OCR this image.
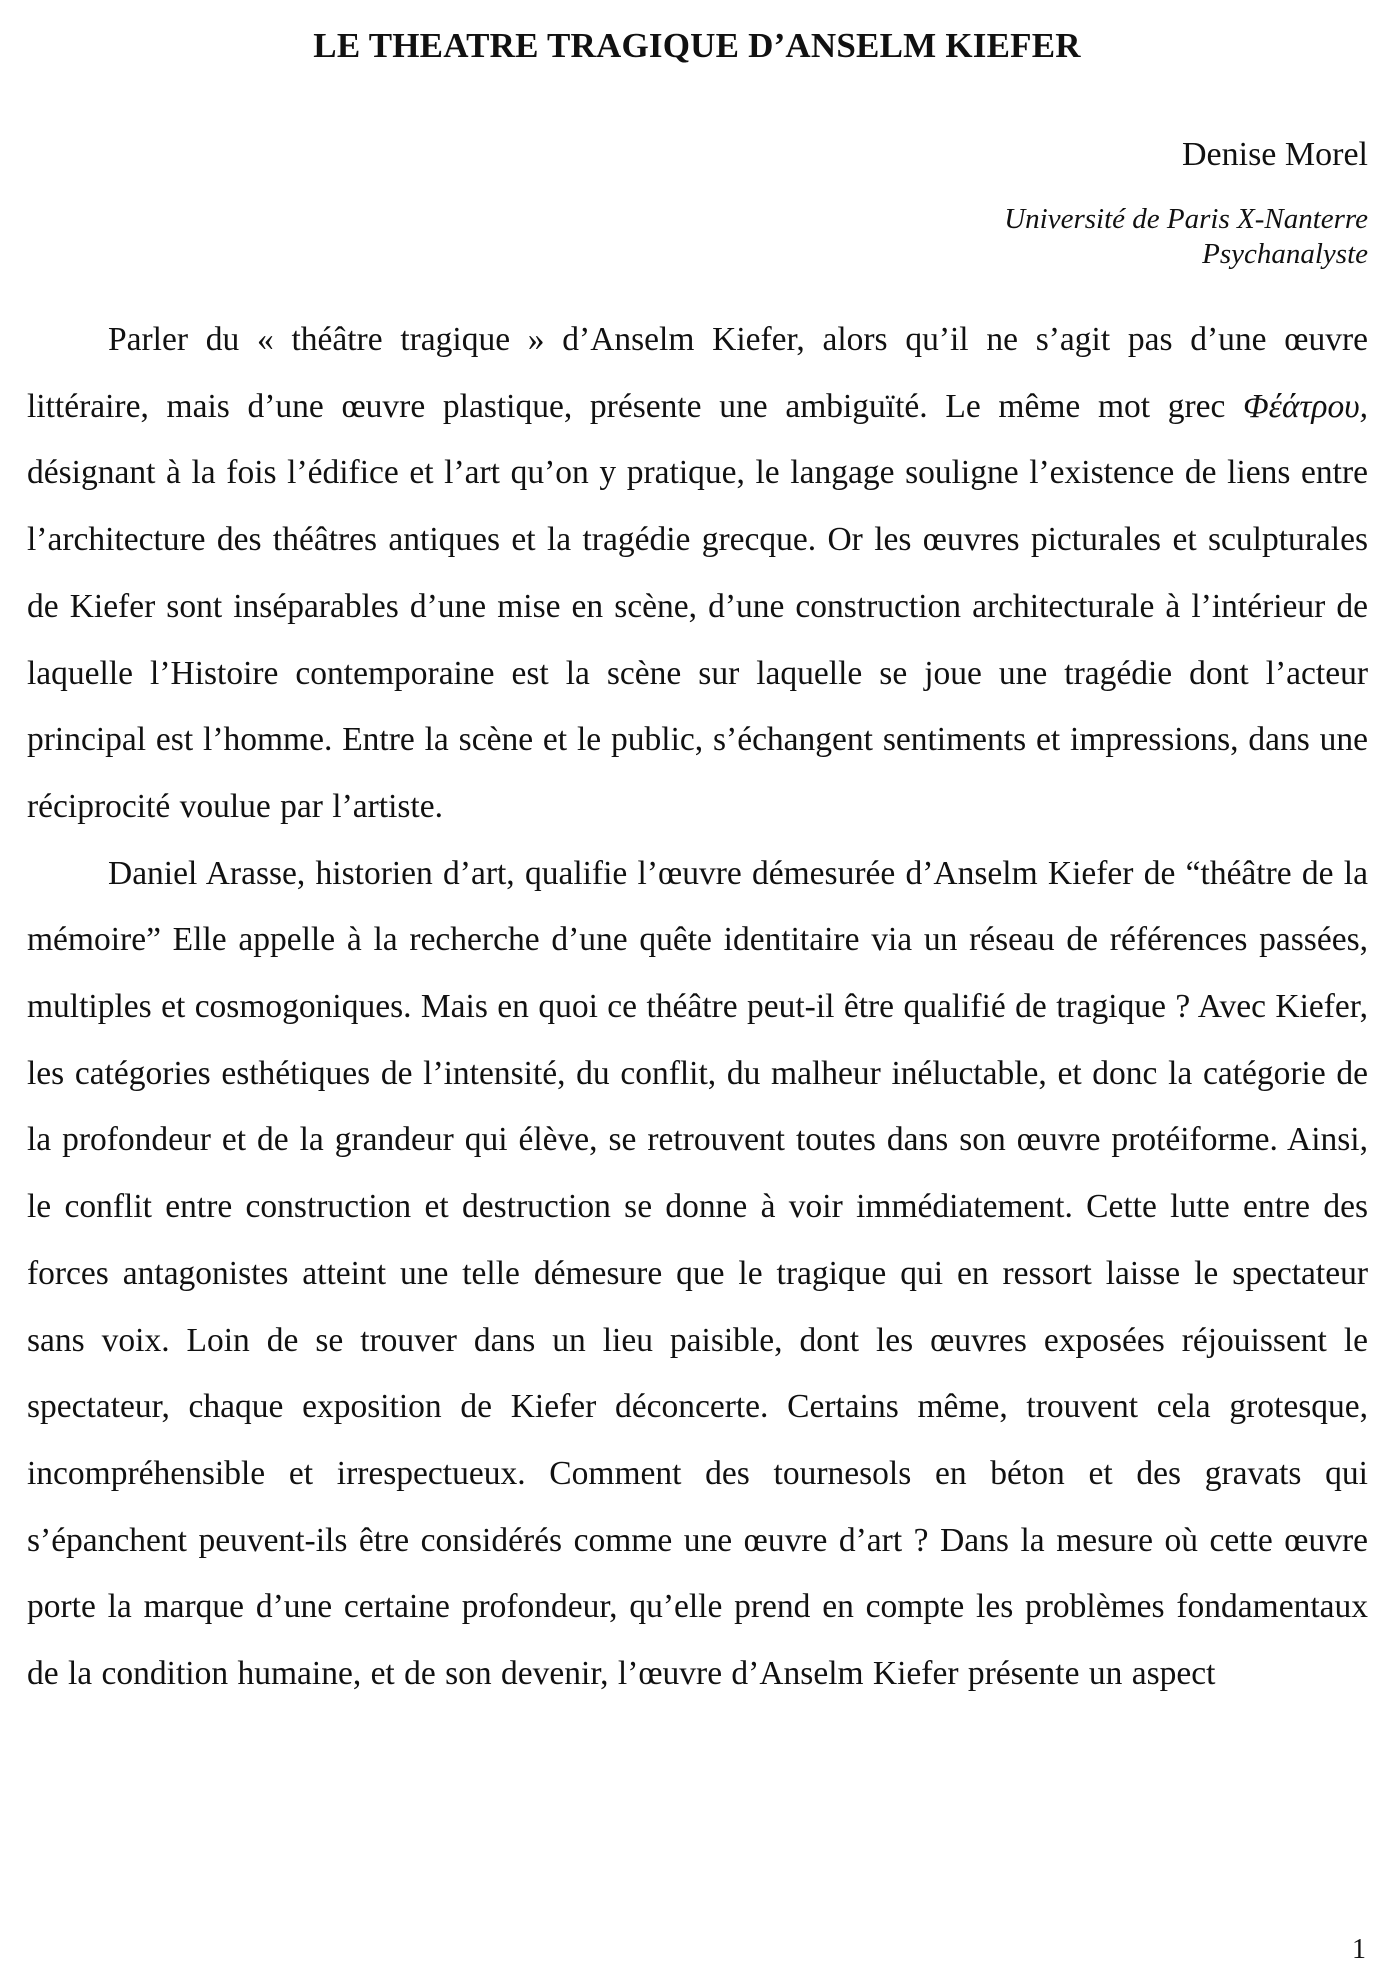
LE THEATRE TRAGIQUE D’ANSELM KIEFER

Denise Morel

Université de Paris X-Nanterre
Psychanalyste

Parler du « théâtre tragique » d’Anselm Kiefer, alors qu’il ne s’agit pas d’une œuvre littéraire, mais d’une œuvre plastique, présente une ambiguïté. Le même mot grec Φέάτρου, désignant à la fois l’édifice et l’art qu’on y pratique, le langage souligne l’existence de liens entre l’architecture des théâtres antiques et la tragédie grecque. Or les œuvres picturales et sculpturales de Kiefer sont inséparables d’une mise en scène, d’une construction architecturale à l’intérieur de laquelle l’Histoire contemporaine est la scène sur laquelle se joue une tragédie dont l’acteur principal est l’homme. Entre la scène et le public, s’échangent sentiments et impressions, dans une réciprocité voulue par l’artiste.

Daniel Arasse, historien d’art, qualifie l’œuvre démesurée d’Anselm Kiefer de “théâtre de la mémoire” Elle appelle à la recherche d’une quête identitaire via un réseau de références passées, multiples et cosmogoniques. Mais en quoi ce théâtre peut-il être qualifié de tragique ? Avec Kiefer, les catégories esthétiques de l’intensité, du conflit, du malheur inéluctable, et donc la catégorie de la profondeur et de la grandeur qui élève, se retrouvent toutes dans son œuvre protéiforme. Ainsi, le conflit entre construction et destruction se donne à voir immédiatement. Cette lutte entre des forces antagonistes atteint une telle démesure que le tragique qui en ressort laisse le spectateur sans voix. Loin de se trouver dans un lieu paisible, dont les œuvres exposées réjouissent le spectateur, chaque exposition de Kiefer déconcerte. Certains même, trouvent cela grotesque, incompréhensible et irrespectueux. Comment des tournesols en béton et des gravats qui s’épanchent peuvent-ils être considérés comme une œuvre d’art ? Dans la mesure où cette œuvre porte la marque d’une certaine profondeur, qu’elle prend en compte les problèmes fondamentaux de la condition humaine, et de son devenir, l’œuvre d’Anselm Kiefer présente un aspect

1
